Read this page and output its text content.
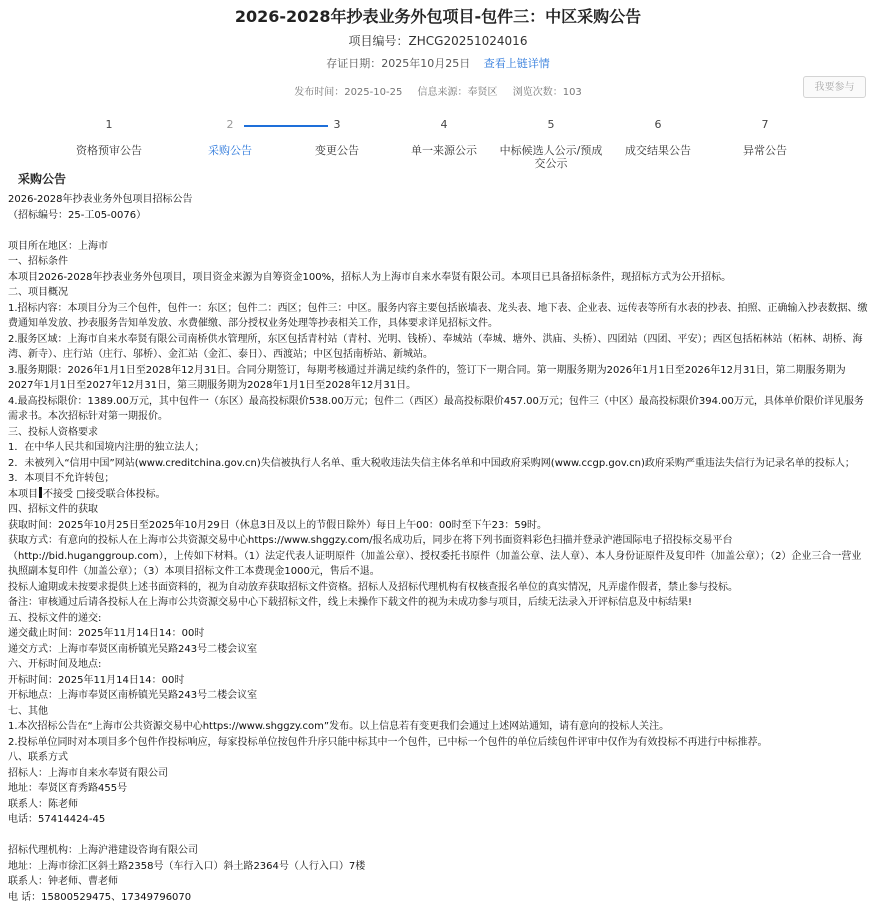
2026-2028年抄表业务外包项目-包件三：中区采购公告
项目编号：ZHCG20251024016
存证日期：2025年10月25日 查看上链详情
发布时间：2025-10-25 信息来源：奉贤区 浏览次数：103	我要参与
1
资格预审公告
2
采购公告
3
变更公告
4
单一来源公示
5
中标候选人公示/预成交公示
6
成交结果公告
7
异常公告
采购公告

2026-2028年抄表业务外包项目招标公告

（招标编号：25-工05-0076）

项目所在地区：上海市

一、招标条件

本项目2026-2028年抄表业务外包项目，项目资金来源为自筹资金100%，招标人为上海市自来水奉贤有限公司。本项目已具备招标条件，现招标方式为公开招标。

二、项目概况

1.招标内容：本项目分为三个包件，包件一：东区；包件二：西区；包件三：中区。服务内容主要包括嵌墙表、龙头表、地下表、企业表、远传表等所有水表的抄表、拍照、正确输入抄表数据、缴费通知单发放、抄表服务告知单发放、水费催缴、部分授权业务处理等抄表相关工作，具体要求详见招标文件。

2.服务区域：上海市自来水奉贤有限公司南桥供水管理所，东区包括青村站（青村、光明、钱桥）、奉城站（奉城、塘外、洪庙、头桥）、四团站（四团、平安）；西区包括柘林站（柘林、胡桥、海湾、新寺）、庄行站（庄行、邬桥）、金汇站（金汇、泰日）、西渡站；中区包括南桥站、新城站。

3.服务期限：2026年1月1日至2028年12月31日。合同分期签订，每期考核通过并满足续约条件的，签订下一期合同。第一期服务期为2026年1月1日至2026年12月31日，第二期服务期为2027年1月1日至2027年12月31日，第三期服务期为2028年1月1日至2028年12月31日。

4.最高投标限价：1389.00万元，其中包件一（东区）最高投标限价538.00万元；包件二（西区）最高投标限价457.00万元；包件三（中区）最高投标限价394.00万元，具体单价限价详见服务需求书。本次招标针对第一期报价。

三、投标人资格要求

1．在中华人民共和国境内注册的独立法人；

2．未被列入“信用中国”网站(www.creditchina.gov.cn)失信被执行人名单、重大税收违法失信主体名单和中国政府采购网(www.ccgp.gov.cn)政府采购严重违法失信行为记录名单的投标人；

3．本项目不允许转包；

本项目 不接受 □接受联合体投标。

四、招标文件的获取

获取时间：2025年10月25日至2025年10月29日（休息3日及以上的节假日除外）每日上午00：00时至下午23：59时。

获取方式：有意向的投标人在上海市公共资源交易中心https://www.shggzy.com/报名成功后，同步在将下列书面资料彩色扫描并登录沪港国际电子招投标交易平台（http://bid.huganggroup.com），上传如下材料。（1）法定代表人证明原件（加盖公章）、授权委托书原件（加盖公章、法人章）、本人身份证原件及复印件（加盖公章）；（2）企业三合一营业执照副本复印件（加盖公章）；（3）本项目招标文件工本费现金1000元，售后不退。

投标人逾期或未按要求提供上述书面资料的，视为自动放弃获取招标文件资格。招标人及招标代理机构有权核查报名单位的真实情况，凡弄虚作假者，禁止参与投标。

备注：审核通过后请各投标人在上海市公共资源交易中心下载招标文件，线上未操作下载文件的视为未成功参与项目，后续无法录入开评标信息及中标结果!

五、投标文件的递交:

递交截止时间：2025年11月14日14：00时

递交方式：上海市奉贤区南桥镇光吴路243号二楼会议室

六、开标时间及地点:

开标时间：2025年11月14日14：00时

开标地点：上海市奉贤区南桥镇光吴路243号二楼会议室

七、其他

1.本次招标公告在“上海市公共资源交易中心https://www.shggzy.com”发布。以上信息若有变更我们会通过上述网站通知，请有意向的投标人关注。

2.投标单位同时对本项目多个包件作投标响应，每家投标单位按包件升序只能中标其中一个包件，已中标一个包件的单位后续包件评审中仅作为有效投标不再进行中标推荐。

八、联系方式

招标人：上海市自来水奉贤有限公司

地址：奉贤区育秀路455号

联系人：陈老师

电话：57414424-45

招标代理机构：上海沪港建设咨询有限公司

地址：上海市徐汇区斜土路2358号（车行入口）斜土路2364号（人行入口）7楼

联系人：钟老师、曹老师

电 话：15800529475、17349796070
